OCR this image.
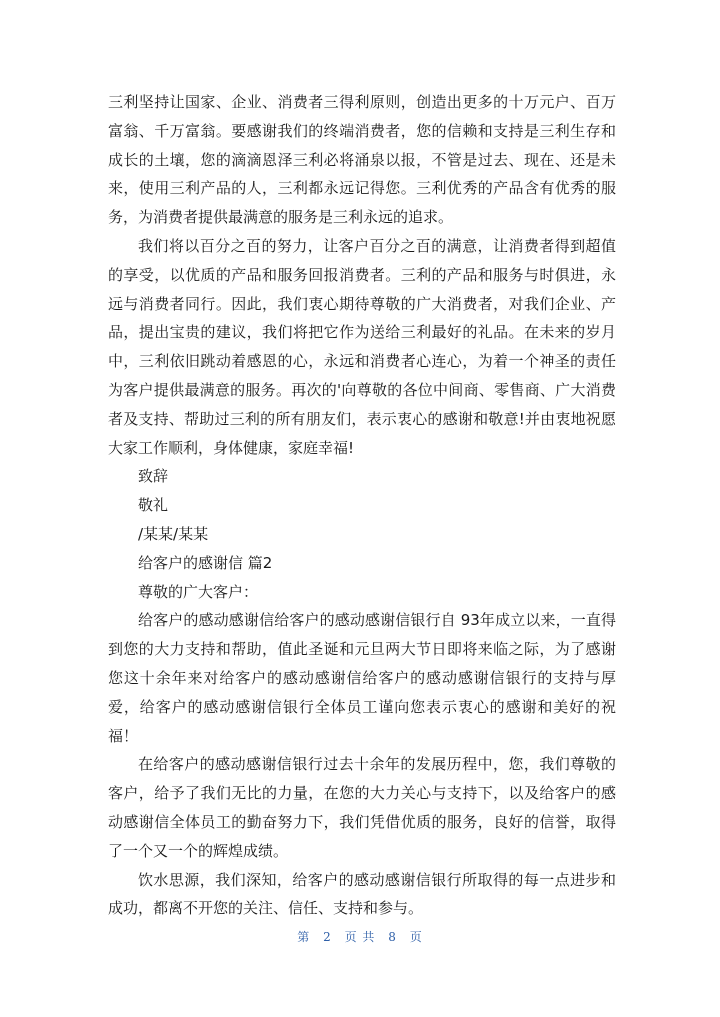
三利坚持让国家、企业、消费者三得利原则，创造出更多的十万元户、百万富翁、千万富翁。要感谢我们的终端消费者，您的信赖和支持是三利生存和成长的土壤，您的滴滴恩泽三利必将涌泉以报，不管是过去、现在、还是未来，使用三利产品的人，三利都永远记得您。三利优秀的产品含有优秀的服务，为消费者提供最满意的服务是三利永远的追求。

我们将以百分之百的努力，让客户百分之百的满意，让消费者得到超值的享受，以优质的产品和服务回报消费者。三利的产品和服务与时俱进，永远与消费者同行。因此，我们衷心期待尊敬的广大消费者，对我们企业、产品，提出宝贵的建议，我们将把它作为送给三利最好的礼品。在未来的岁月中，三利依旧跳动着感恩的心，永远和消费者心连心，为着一个神圣的责任为客户提供最满意的服务。再次的'向尊敬的各位中间商、零售商、广大消费者及支持、帮助过三利的所有朋友们，表示衷心的感谢和敬意!并由衷地祝愿大家工作顺利，身体健康，家庭幸福!

致辞

敬礼

/某某/某某

给客户的感谢信 篇2

尊敬的广大客户：

给客户的感动感谢信给客户的感动感谢信银行自 93年成立以来，一直得到您的大力支持和帮助，值此圣诞和元旦两大节日即将来临之际，为了感谢您这十余年来对给客户的感动感谢信给客户的感动感谢信银行的支持与厚爱，给客户的感动感谢信银行全体员工谨向您表示衷心的感谢和美好的祝福！

在给客户的感动感谢信银行过去十余年的发展历程中，您，我们尊敬的客户，给予了我们无比的力量，在您的大力关心与支持下，以及给客户的感动感谢信全体员工的勤奋努力下，我们凭借优质的服务，良好的信誉，取得了一个又一个的辉煌成绩。

饮水思源，我们深知，给客户的感动感谢信银行所取得的每一点进步和成功，都离不开您的关注、信任、支持和参与。

第 2 页 共 8 页
